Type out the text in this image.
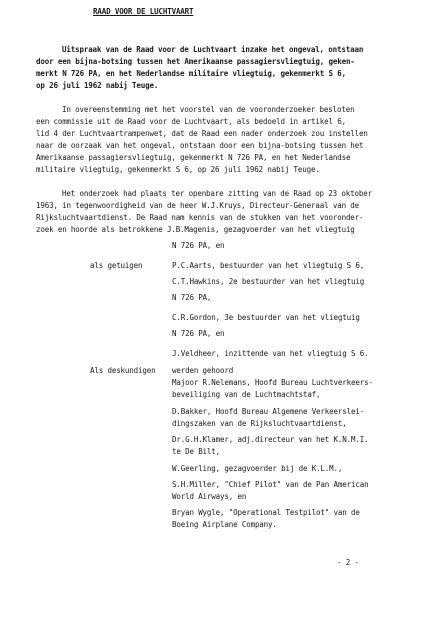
RAAD VOOR DE LUCHTVAART
Uitspraak van de Raad voor de Luchtvaart inzake het ongeval, ontstaan
door een bijna-botsing tussen het Amerikaanse passagiersvliegtuig, geken-
merkt N 726 PA, en het Nederlandse militaire vliegtuig, gekenmerkt S 6,
op 26 juli 1962 nabij Teuge.
In overeenstemming met het voorstel van de vooronderzoeker besloten
een commissie uit de Raad voor de Luchtvaart, als bedoeld in artikel 6,
lid 4 der Luchtvaartrampenwet, dat de Raad een nader onderzoek zou instellen
naar de oorzaak van het ongeval, ontstaan door een bijna-botsing tussen het
Amerikaanse passagiersvliegtuig, gekenmerkt N 726 PA, en het Nederlandse
militaire vliegtuig, gekenmerkt S 6, op 26 juli 1962 nabij Teuge.
Het onderzoek had plaats ter openbare zitting van de Raad op 23 oktober
1963, in tegenwoordigheid van de heer W.J.Kruys, Directeur-Generaal van de
Rijksluchtvaartdienst. De Raad nam kennis van de stukken van het vooronder-
zoek en hoorde als betrokkene J.B.Magenis, gezagvoerder van het vliegtuig
N 726 PA, en
als getuigen	P.C.Aarts, bestuurder van het vliegtuig S 6,
C.T.Hawkins, 2e bestuurder van het vliegtuig
N 726 PA,
C.R.Gordon, 3e bestuurder van het vliegtuig
N 726 PA, en
J.Veldheer, inzittende van het vliegtuig S 6.
Als deskundigen werden gehoord
Majoor R.Nelemans, Hoofd Bureau Luchtverkeers-
beveiliging van de Luchtmachtstaf,
D.Bakker, Hoofd Bureau Algemene Verkeerslei-
dingszaken van de Rijksluchtvaartdienst,
Dr.G.H.Klamer, adj.directeur van het K.N.M.I.
te De Bilt,
W.Geerling, gezagvoerder bij de K.L.M.,
S.H.Miller, "Chief Pilot" van de Pan American
World Airways, en
Bryan Wygle, "Operational Testpilot" van de
Boeing Airplane Company.
- 2 -
